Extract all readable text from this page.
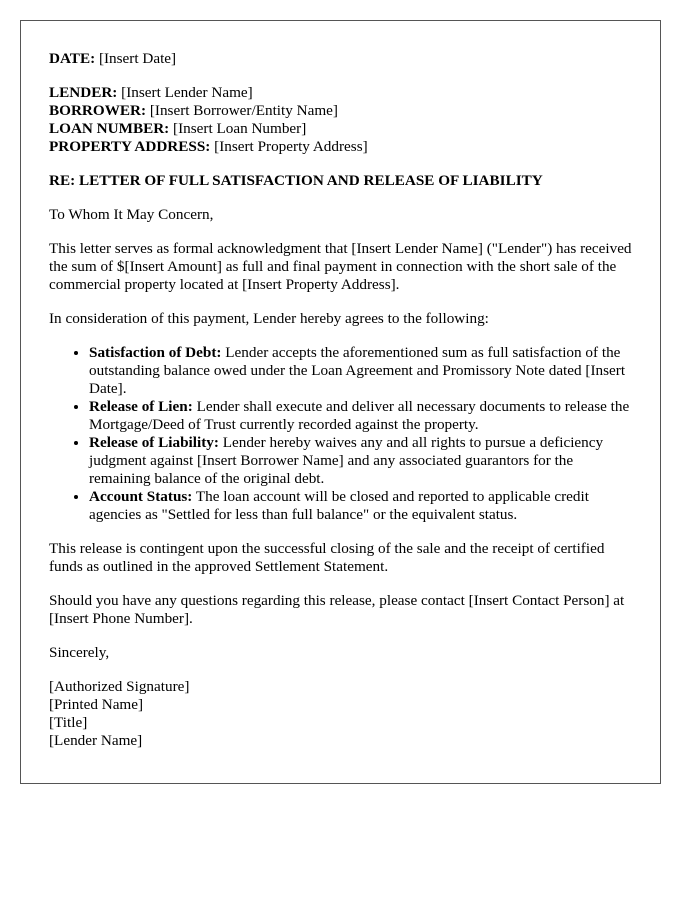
DATE: [Insert Date]
LENDER: [Insert Lender Name]
BORROWER: [Insert Borrower/Entity Name]
LOAN NUMBER: [Insert Loan Number]
PROPERTY ADDRESS: [Insert Property Address]

RE: LETTER OF FULL SATISFACTION AND RELEASE OF LIABILITY

To Whom It May Concern,

This letter serves as formal acknowledgment that [Insert Lender Name] ("Lender") has received the sum of $[Insert Amount] as full and final payment in connection with the short sale of the commercial property located at [Insert Property Address].

In consideration of this payment, Lender hereby agrees to the following:

• Satisfaction of Debt: Lender accepts the aforementioned sum as full satisfaction of the outstanding balance owed under the Loan Agreement and Promissory Note dated [Insert Date].
• Release of Lien: Lender shall execute and deliver all necessary documents to release the Mortgage/Deed of Trust currently recorded against the property.
• Release of Liability: Lender hereby waives any and all rights to pursue a deficiency judgment against [Insert Borrower Name] and any associated guarantors for the remaining balance of the original debt.
• Account Status: The loan account will be closed and reported to applicable credit agencies as "Settled for less than full balance" or the equivalent status.

This release is contingent upon the successful closing of the sale and the receipt of certified funds as outlined in the approved Settlement Statement.

Should you have any questions regarding this release, please contact [Insert Contact Person] at [Insert Phone Number].

Sincerely,

[Authorized Signature]
[Printed Name]
[Title]
[Lender Name]
